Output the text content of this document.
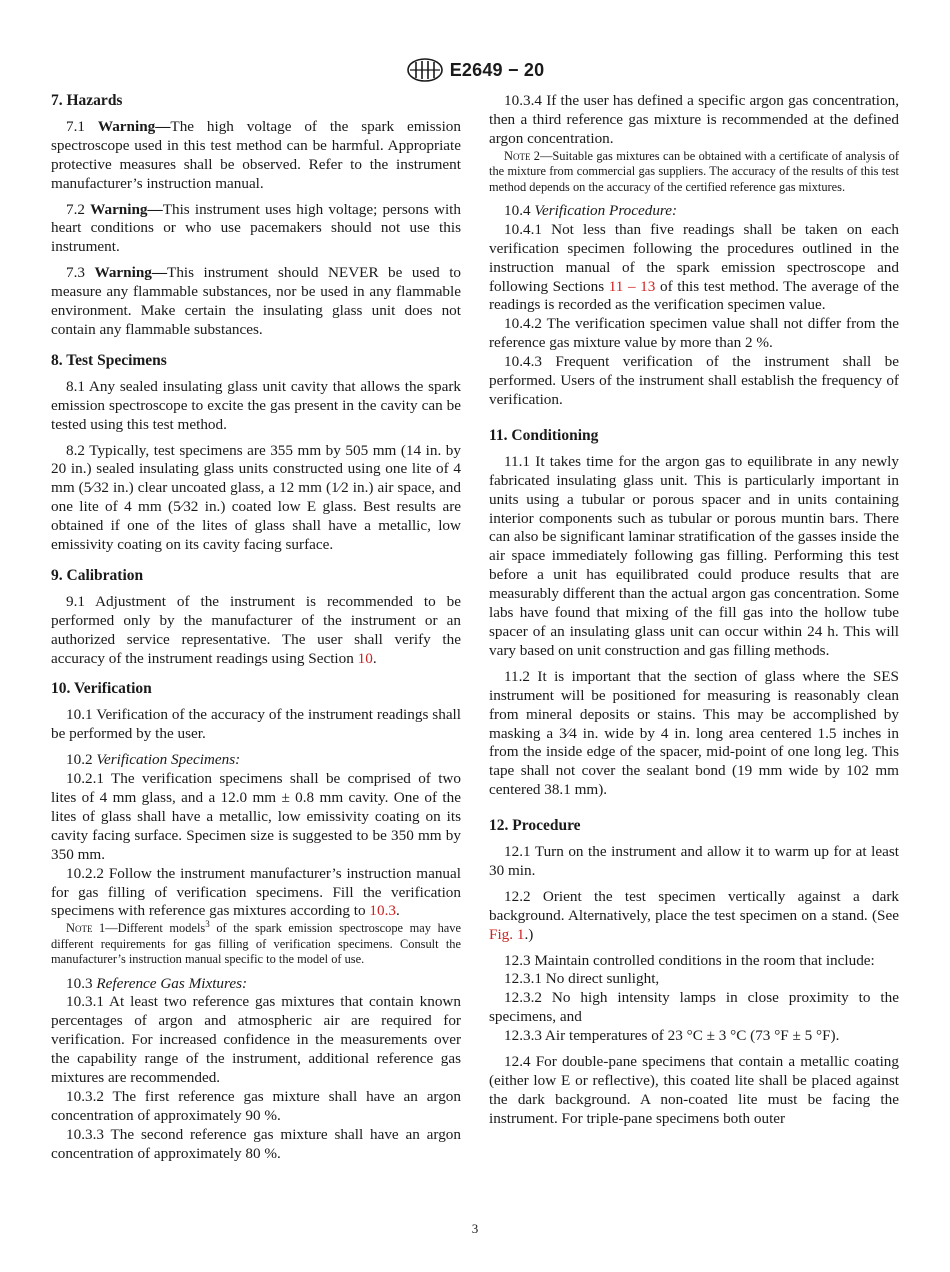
E2649 − 20

7. Hazards

7.1 Warning—The high voltage of the spark emission spectroscope used in this test method can be harmful. Appropriate protective measures shall be observed. Refer to the instrument manufacturer’s instruction manual.

7.2 Warning—This instrument uses high voltage; persons with heart conditions or who use pacemakers should not use this instrument.

7.3 Warning—This instrument should NEVER be used to measure any flammable substances, nor be used in any flammable environment. Make certain the insulating glass unit does not contain any flammable substances.

8. Test Specimens

8.1 Any sealed insulating glass unit cavity that allows the spark emission spectroscope to excite the gas present in the cavity can be tested using this test method.

8.2 Typically, test specimens are 355 mm by 505 mm (14 in. by 20 in.) sealed insulating glass units constructed using one lite of 4 mm (5⁄32 in.) clear uncoated glass, a 12 mm (1⁄2 in.) air space, and one lite of 4 mm (5⁄32 in.) coated low E glass. Best results are obtained if one of the lites of glass shall have a metallic, low emissivity coating on its cavity facing surface.

9. Calibration

9.1 Adjustment of the instrument is recommended to be performed only by the manufacturer of the instrument or an authorized service representative. The user shall verify the accuracy of the instrument readings using Section 10.

10. Verification

10.1 Verification of the accuracy of the instrument readings shall be performed by the user.

10.2 Verification Specimens:

10.2.1 The verification specimens shall be comprised of two lites of 4 mm glass, and a 12.0 mm ± 0.8 mm cavity. One of the lites of glass shall have a metallic, low emissivity coating on its cavity facing surface. Specimen size is suggested to be 350 mm by 350 mm.

10.2.2 Follow the instrument manufacturer’s instruction manual for gas filling of verification specimens. Fill the verification specimens with reference gas mixtures according to 10.3.

Note 1—Different models$^3$ of the spark emission spectroscope may have different requirements for gas filling of verification specimens. Consult the manufacturer’s instruction manual specific to the model of use.

10.3 Reference Gas Mixtures:

10.3.1 At least two reference gas mixtures that contain known percentages of argon and atmospheric air are required for verification. For increased confidence in the measurements over the capability range of the instrument, additional reference gas mixtures are recommended.

10.3.2 The first reference gas mixture shall have an argon concentration of approximately 90 %.

10.3.3 The second reference gas mixture shall have an argon concentration of approximately 80 %.

10.3.4 If the user has defined a specific argon gas concentration, then a third reference gas mixture is recommended at the defined argon concentration.

Note 2—Suitable gas mixtures can be obtained with a certificate of analysis of the mixture from commercial gas suppliers. The accuracy of the results of this test method depends on the accuracy of the certified reference gas mixtures.

10.4 Verification Procedure:

10.4.1 Not less than five readings shall be taken on each verification specimen following the procedures outlined in the instruction manual of the spark emission spectroscope and following Sections 11 – 13 of this test method. The average of the readings is recorded as the verification specimen value.

10.4.2 The verification specimen value shall not differ from the reference gas mixture value by more than 2 %.

10.4.3 Frequent verification of the instrument shall be performed. Users of the instrument shall establish the frequency of verification.

11. Conditioning

11.1 It takes time for the argon gas to equilibrate in any newly fabricated insulating glass unit. This is particularly important in units using a tubular or porous spacer and in units containing interior components such as tubular or porous muntin bars. There can also be significant laminar stratification of the gasses inside the air space immediately following gas filling. Performing this test before a unit has equilibrated could produce results that are measurably different than the actual argon gas concentration. Some labs have found that mixing of the fill gas into the hollow tube spacer of an insulating glass unit can occur within 24 h. This will vary based on unit construction and gas filling methods.

11.2 It is important that the section of glass where the SES instrument will be positioned for measuring is reasonably clean from mineral deposits or stains. This may be accomplished by masking a 3⁄4 in. wide by 4 in. long area centered 1.5 inches in from the inside edge of the spacer, mid-point of one long leg. This tape shall not cover the sealant bond (19 mm wide by 102 mm centered 38.1 mm).

12. Procedure

12.1 Turn on the instrument and allow it to warm up for at least 30 min.

12.2 Orient the test specimen vertically against a dark background. Alternatively, place the test specimen on a stand. (See Fig. 1.)

12.3 Maintain controlled conditions in the room that include:

12.3.1 No direct sunlight,

12.3.2 No high intensity lamps in close proximity to the specimens, and

12.3.3 Air temperatures of 23 °C ± 3 °C (73 °F ± 5 °F).

12.4 For double-pane specimens that contain a metallic coating (either low E or reflective), this coated lite shall be placed against the dark background. A non-coated lite must be facing the instrument. For triple-pane specimens both outer

3
